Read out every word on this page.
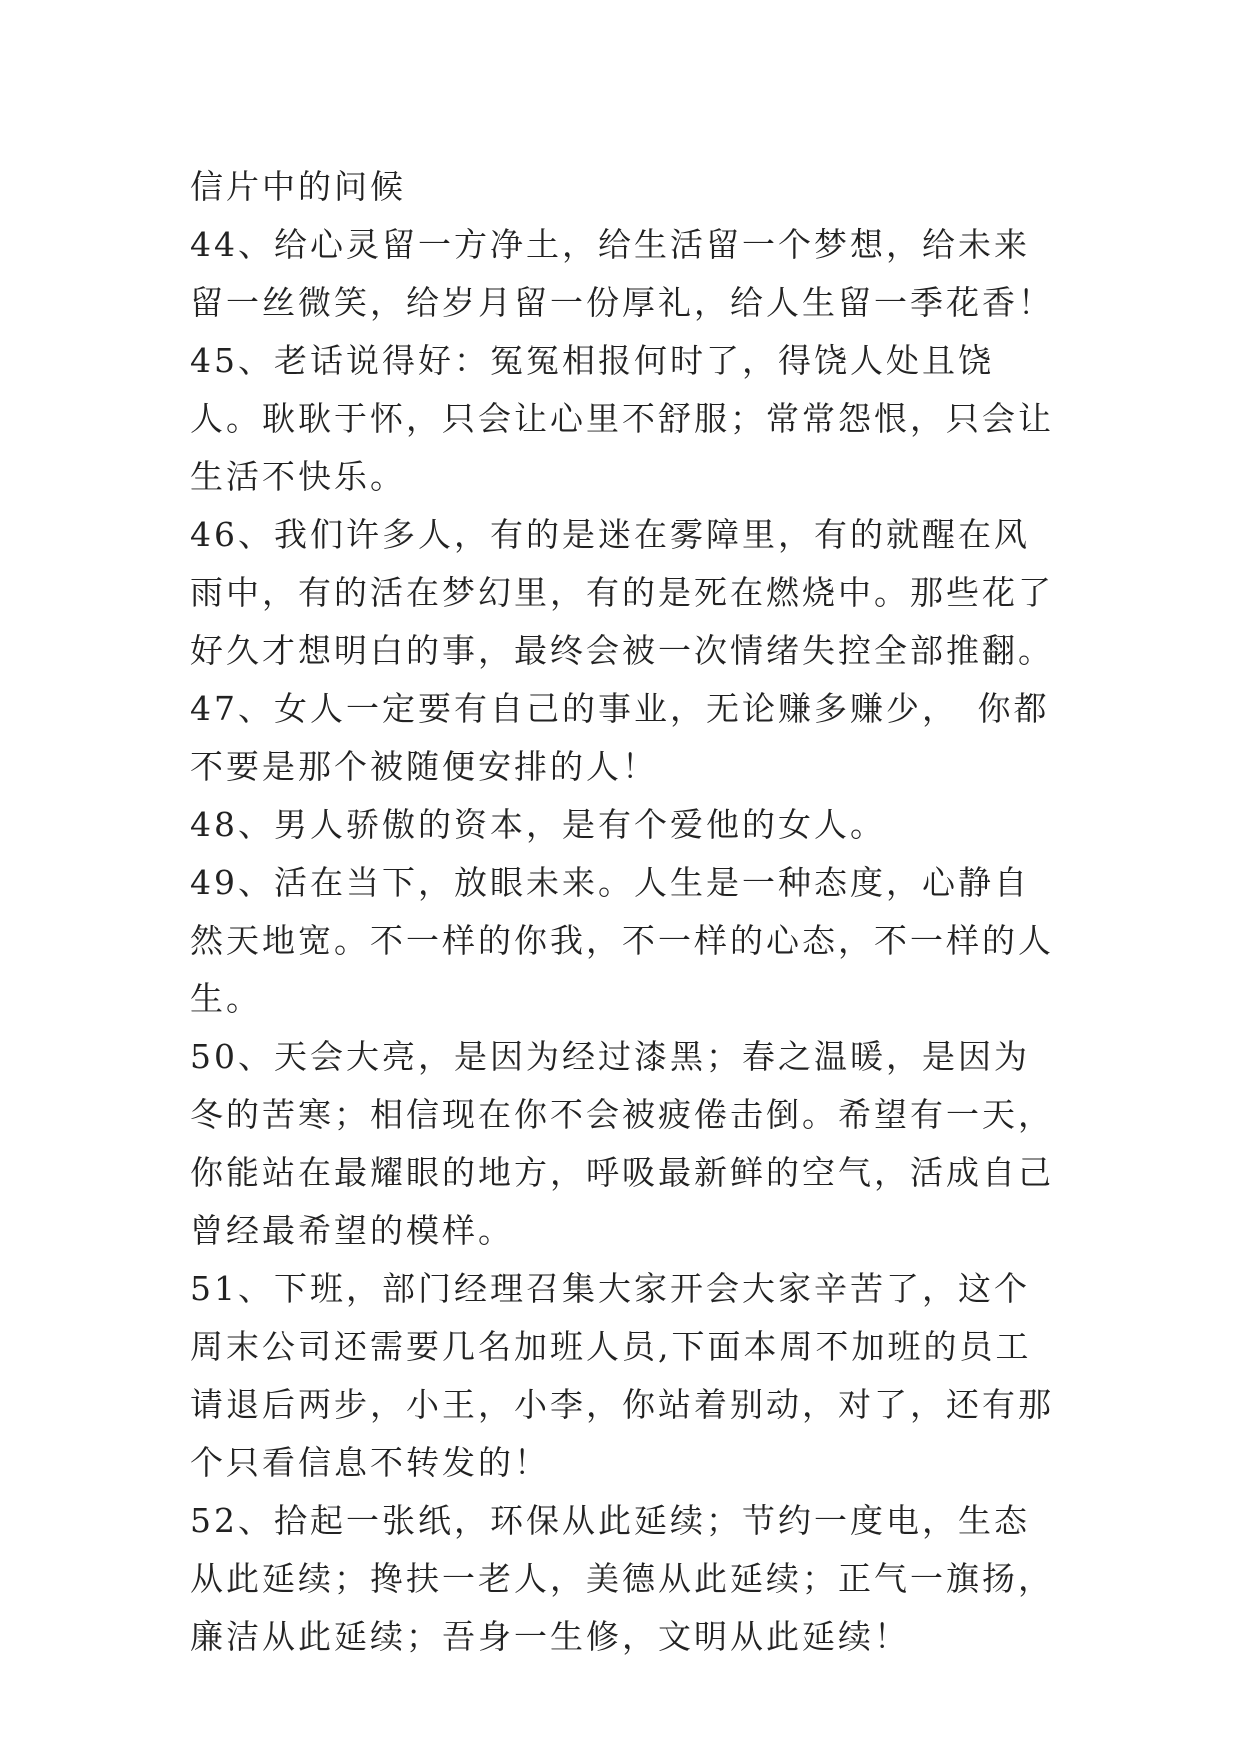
信片中的问候

44、给心灵留一方净土，给生活留一个梦想，给未来留一丝微笑，给岁月留一份厚礼，给人生留一季花香！

45、老话说得好：冤冤相报何时了，得饶人处且饶人。耿耿于怀，只会让心里不舒服；常常怨恨，只会让生活不快乐。

46、我们许多人，有的是迷在雾障里，有的就醒在风雨中，有的活在梦幻里，有的是死在燃烧中。那些花了好久才想明白的事，最终会被一次情绪失控全部推翻。

47、女人一定要有自己的事业，无论赚多赚少，　你都不要是那个被随便安排的人！

48、男人骄傲的资本，是有个爱他的女人。

49、活在当下，放眼未来。人生是一种态度，心静自然天地宽。不一样的你我，不一样的心态，不一样的人生。

50、天会大亮，是因为经过漆黑；春之温暖，是因为冬的苦寒；相信现在你不会被疲倦击倒。希望有一天，你能站在最耀眼的地方，呼吸最新鲜的空气，活成自己曾经最希望的模样。

51、下班，部门经理召集大家开会大家辛苦了，这个周末公司还需要几名加班人员,下面本周不加班的员工请退后两步，小王，小李，你站着别动，对了，还有那个只看信息不转发的！

52、拾起一张纸，环保从此延续；节约一度电，生态从此延续；搀扶一老人，美德从此延续；正气一旗扬，廉洁从此延续；吾身一生修，文明从此延续！
